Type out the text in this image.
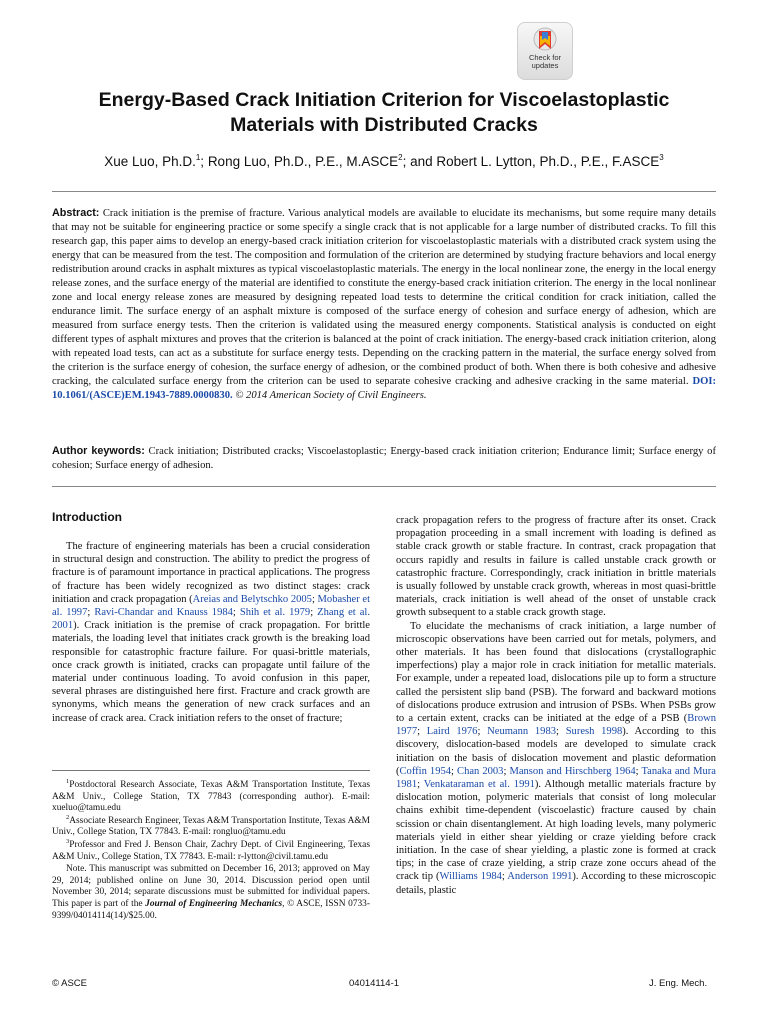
Check for
updates
Energy-Based Crack Initiation Criterion for Viscoelastoplastic
Materials with Distributed Cracks
Xue Luo, Ph.D.$^1$; Rong Luo, Ph.D., P.E., M.ASCE$^2$; and Robert L. Lytton, Ph.D., P.E., F.ASCE$^3$
Abstract: Crack initiation is the premise of fracture. Various analytical models are available to elucidate its mechanisms, but some require many details that may not be suitable for engineering practice or some specify a single crack that is not applicable for a large number of distributed cracks. To fill this research gap, this paper aims to develop an energy-based crack initiation criterion for viscoelastoplastic materials with a distributed crack system using the energy that can be measured from the test. The composition and formulation of the criterion are determined by studying fracture behaviors and local energy redistribution around cracks in asphalt mixtures as typical viscoelastoplastic materials. The energy in the local nonlinear zone, the energy in the local energy release zones, and the surface energy of the material are identified to constitute the energy-based crack initiation criterion. The energy in the local nonlinear zone and local energy release zones are measured by designing repeated load tests to determine the critical condition for crack initiation, called the endurance limit. The surface energy of an asphalt mixture is composed of the surface energy of cohesion and surface energy of adhesion, which are measured from surface energy tests. Then the criterion is validated using the measured energy components. Statistical analysis is conducted on eight different types of asphalt mixtures and proves that the criterion is balanced at the point of crack initiation. The energy-based crack initiation criterion, along with repeated load tests, can act as a substitute for surface energy tests. Depending on the cracking pattern in the material, the surface energy solved from the criterion is the surface energy of cohesion, the surface energy of adhesion, or the combined product of both. When there is both cohesive and adhesive cracking, the calculated surface energy from the criterion can be used to separate cohesive cracking and adhesive cracking in the same material. DOI: 10.1061/(ASCE)EM.1943-7889.0000830. © 2014 American Society of Civil Engineers.
Author keywords: Crack initiation; Distributed cracks; Viscoelastoplastic; Energy-based crack initiation criterion; Endurance limit; Surface energy of cohesion; Surface energy of adhesion.
Introduction
The fracture of engineering materials has been a crucial consideration in structural design and construction. The ability to predict the progress of fracture is of paramount importance in practical applications. The progress of fracture has been widely recognized as two distinct stages: crack initiation and crack propagation (Areias and Belytschko 2005; Mobasher et al. 1997; Ravi-Chandar and Knauss 1984; Shih et al. 1979; Zhang et al. 2001). Crack initiation is the premise of crack propagation. For brittle materials, the loading level that initiates crack growth is the breaking load responsible for catastrophic fracture failure. For quasi-brittle materials, once crack growth is initiated, cracks can propagate until failure of the material under continuous loading. To avoid confusion in this paper, several phrases are distinguished here first. Fracture and crack growth are synonyms, which means the generation of new crack surfaces and an increase of crack area. Crack initiation refers to the onset of fracture;

$^1$Postdoctoral Research Associate, Texas A&M Transportation Institute, Texas A&M Univ., College Station, TX 77843 (corresponding author). E-mail: xueluo@tamu.edu

$^2$Associate Research Engineer, Texas A&M Transportation Institute, Texas A&M Univ., College Station, TX 77843. E-mail: rongluo@tamu.edu

$^3$Professor and Fred J. Benson Chair, Zachry Dept. of Civil Engineering, Texas A&M Univ., College Station, TX 77843. E-mail: r-lytton@civil.tamu.edu

Note. This manuscript was submitted on December 16, 2013; approved on May 29, 2014; published online on June 30, 2014. Discussion period open until November 30, 2014; separate discussions must be submitted for individual papers. This paper is part of the Journal of Engineering Mechanics, © ASCE, ISSN 0733-9399/04014114(14)/$25.00.

crack propagation refers to the progress of fracture after its onset. Crack propagation proceeding in a small increment with loading is defined as stable crack growth or stable fracture. In contrast, crack propagation that occurs rapidly and results in failure is called unstable crack growth or catastrophic fracture. Correspondingly, crack initiation in brittle materials is usually followed by unstable crack growth, whereas in most quasi-brittle materials, crack initiation is well ahead of the onset of unstable crack growth subsequent to a stable crack growth stage.

To elucidate the mechanisms of crack initiation, a large number of microscopic observations have been carried out for metals, polymers, and other materials. It has been found that dislocations (crystallographic imperfections) play a major role in crack initiation for metallic materials. For example, under a repeated load, dislocations pile up to form a structure called the persistent slip band (PSB). The forward and backward motions of dislocations produce extrusion and intrusion of PSBs. When PSBs grow to a certain extent, cracks can be initiated at the edge of a PSB (Brown 1977; Laird 1976; Neumann 1983; Suresh 1998). According to this discovery, dislocation-based models are developed to simulate crack initiation on the basis of dislocation movement and plastic deformation (Coffin 1954; Chan 2003; Manson and Hirschberg 1964; Tanaka and Mura 1981; Venkataraman et al. 1991). Although metallic materials fracture by dislocation motion, polymeric materials that consist of long molecular chains exhibit time-dependent (viscoelastic) fracture caused by chain scission or chain disentanglement. At high loading levels, many polymeric materials yield in either shear yielding or craze yielding before crack initiation. In the case of shear yielding, a plastic zone is formed at crack tips; in the case of craze yielding, a strip craze zone occurs ahead of the crack tip (Williams 1984; Anderson 1991). According to these microscopic details, plastic

© ASCE	04014114-1	J. Eng. Mech.
